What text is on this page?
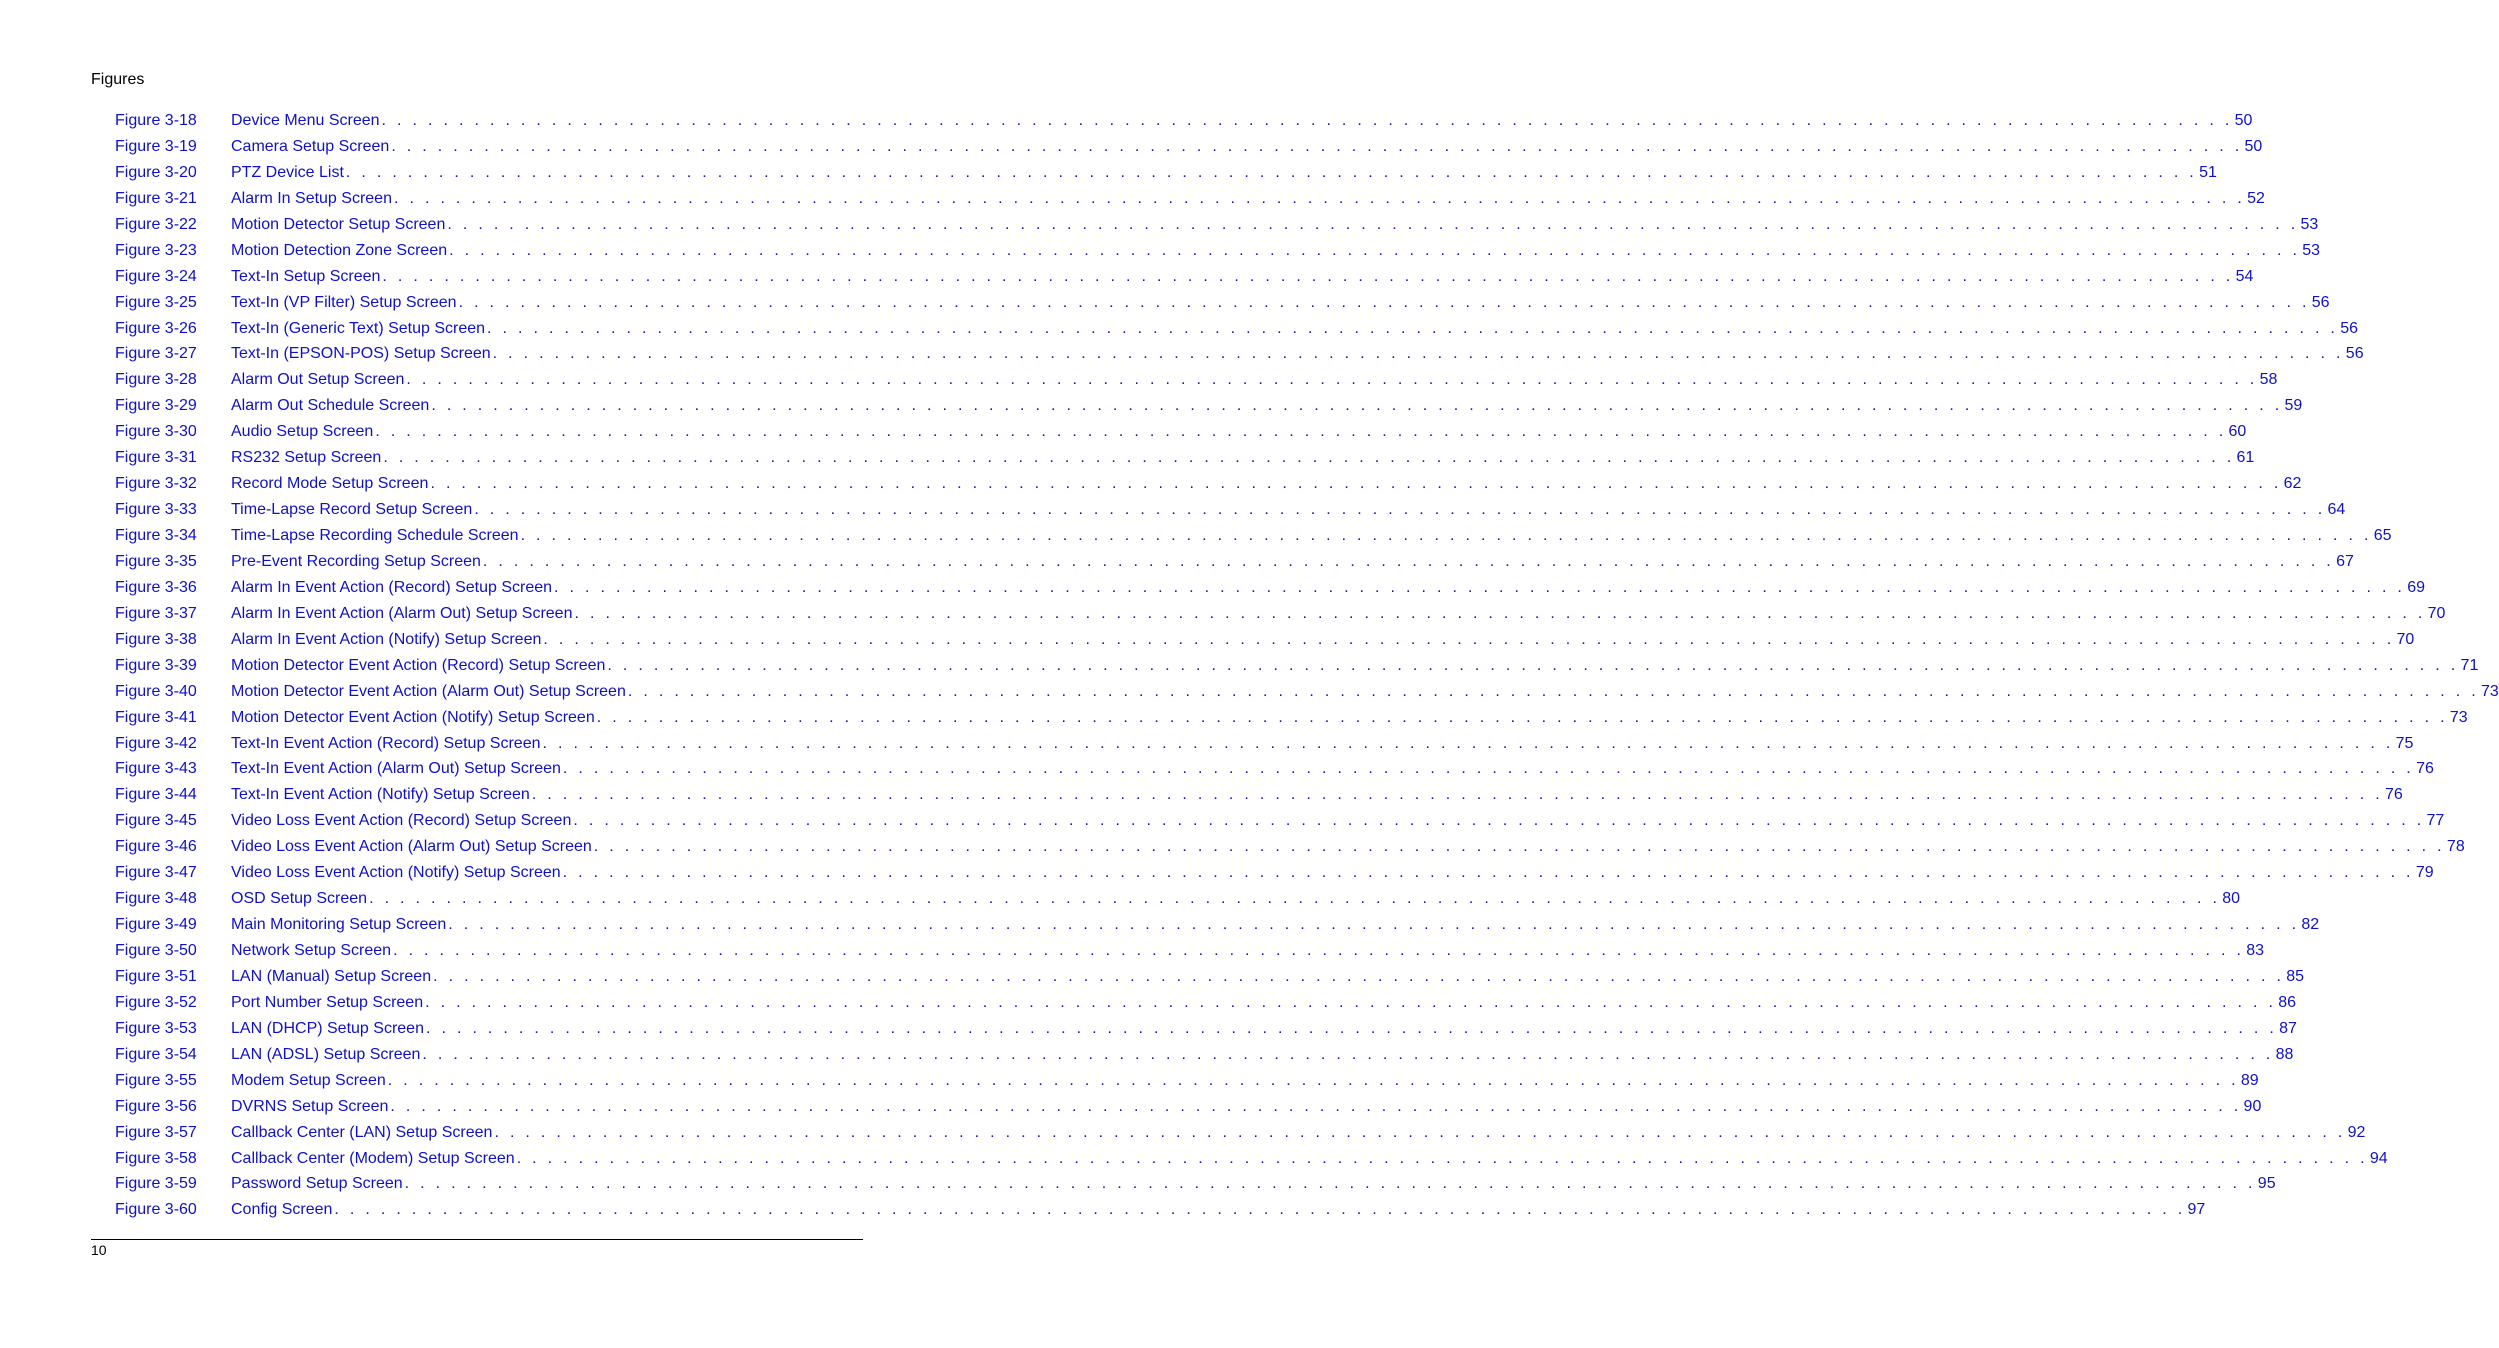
Figures
Figure 3-18	Device Menu Screen . . . . . . . . . . . . . . . . . . . . . . . . . . . . . . . . . . . . . . . . . . . . . . . . . . . . . . . . . . . . . . . . . . . . . . . . . . . . . . . . . . . . . . . . . . . . . . . . . . . . . . . . . . . . . . . . . . . . . . . . 50
Figure 3-19	Camera Setup Screen . . . . . . . . . . . . . . . . . . . . . . . . . . . . . . . . . . . . . . . . . . . . . . . . . . . . . . . . . . . . . . . . . . . . . . . . . . . . . . . . . . . . . . . . . . . . . . . . . . . . . . . . . . . . . . . . . . . . . . . . 50
Figure 3-20	PTZ Device List . . . . . . . . . . . . . . . . . . . . . . . . . . . . . . . . . . . . . . . . . . . . . . . . . . . . . . . . . . . . . . . . . . . . . . . . . . . . . . . . . . . . . . . . . . . . . . . . . . . . . . . . . . . . . . . . . . . . . . . . 51
Figure 3-21	Alarm In Setup Screen . . . . . . . . . . . . . . . . . . . . . . . . . . . . . . . . . . . . . . . . . . . . . . . . . . . . . . . . . . . . . . . . . . . . . . . . . . . . . . . . . . . . . . . . . . . . . . . . . . . . . . . . . . . . . . . . . . . . . . . . 52
Figure 3-22	Motion Detector Setup Screen . . . . . . . . . . . . . . . . . . . . . . . . . . . . . . . . . . . . . . . . . . . . . . . . . . . . . . . . . . . . . . . . . . . . . . . . . . . . . . . . . . . . . . . . . . . . . . . . . . . . . . . . . . . . . . . . . . . . . . . . 53
Figure 3-23	Motion Detection Zone Screen . . . . . . . . . . . . . . . . . . . . . . . . . . . . . . . . . . . . . . . . . . . . . . . . . . . . . . . . . . . . . . . . . . . . . . . . . . . . . . . . . . . . . . . . . . . . . . . . . . . . . . . . . . . . . . . . . . . . . . . . 53
Figure 3-24	Text-In Setup Screen . . . . . . . . . . . . . . . . . . . . . . . . . . . . . . . . . . . . . . . . . . . . . . . . . . . . . . . . . . . . . . . . . . . . . . . . . . . . . . . . . . . . . . . . . . . . . . . . . . . . . . . . . . . . . . . . . . . . . . . . 54
Figure 3-25	Text-In (VP Filter) Setup Screen . . . . . . . . . . . . . . . . . . . . . . . . . . . . . . . . . . . . . . . . . . . . . . . . . . . . . . . . . . . . . . . . . . . . . . . . . . . . . . . . . . . . . . . . . . . . . . . . . . . . . . . . . . . . . . . . . . . . . . . . 56
Figure 3-26	Text-In (Generic Text) Setup Screen . . . . . . . . . . . . . . . . . . . . . . . . . . . . . . . . . . . . . . . . . . . . . . . . . . . . . . . . . . . . . . . . . . . . . . . . . . . . . . . . . . . . . . . . . . . . . . . . . . . . . . . . . . . . . . . . . . . . . . . . 56
Figure 3-27	Text-In (EPSON-POS) Setup Screen . . . . . . . . . . . . . . . . . . . . . . . . . . . . . . . . . . . . . . . . . . . . . . . . . . . . . . . . . . . . . . . . . . . . . . . . . . . . . . . . . . . . . . . . . . . . . . . . . . . . . . . . . . . . . . . . . . . . . . . . 56
Figure 3-28	Alarm Out Setup Screen . . . . . . . . . . . . . . . . . . . . . . . . . . . . . . . . . . . . . . . . . . . . . . . . . . . . . . . . . . . . . . . . . . . . . . . . . . . . . . . . . . . . . . . . . . . . . . . . . . . . . . . . . . . . . . . . . . . . . . . . 58
Figure 3-29	Alarm Out Schedule Screen . . . . . . . . . . . . . . . . . . . . . . . . . . . . . . . . . . . . . . . . . . . . . . . . . . . . . . . . . . . . . . . . . . . . . . . . . . . . . . . . . . . . . . . . . . . . . . . . . . . . . . . . . . . . . . . . . . . . . . . . 59
Figure 3-30	Audio Setup Screen . . . . . . . . . . . . . . . . . . . . . . . . . . . . . . . . . . . . . . . . . . . . . . . . . . . . . . . . . . . . . . . . . . . . . . . . . . . . . . . . . . . . . . . . . . . . . . . . . . . . . . . . . . . . . . . . . . . . . . . . 60
Figure 3-31	RS232 Setup Screen . . . . . . . . . . . . . . . . . . . . . . . . . . . . . . . . . . . . . . . . . . . . . . . . . . . . . . . . . . . . . . . . . . . . . . . . . . . . . . . . . . . . . . . . . . . . . . . . . . . . . . . . . . . . . . . . . . . . . . . . 61
Figure 3-32	Record Mode Setup Screen . . . . . . . . . . . . . . . . . . . . . . . . . . . . . . . . . . . . . . . . . . . . . . . . . . . . . . . . . . . . . . . . . . . . . . . . . . . . . . . . . . . . . . . . . . . . . . . . . . . . . . . . . . . . . . . . . . . . . . . . 62
Figure 3-33	Time-Lapse Record Setup Screen . . . . . . . . . . . . . . . . . . . . . . . . . . . . . . . . . . . . . . . . . . . . . . . . . . . . . . . . . . . . . . . . . . . . . . . . . . . . . . . . . . . . . . . . . . . . . . . . . . . . . . . . . . . . . . . . . . . . . . . . 64
Figure 3-34	Time-Lapse Recording Schedule Screen . . . . . . . . . . . . . . . . . . . . . . . . . . . . . . . . . . . . . . . . . . . . . . . . . . . . . . . . . . . . . . . . . . . . . . . . . . . . . . . . . . . . . . . . . . . . . . . . . . . . . . . . . . . . . . . . . . . . . . . . 65
Figure 3-35	Pre-Event Recording Setup Screen . . . . . . . . . . . . . . . . . . . . . . . . . . . . . . . . . . . . . . . . . . . . . . . . . . . . . . . . . . . . . . . . . . . . . . . . . . . . . . . . . . . . . . . . . . . . . . . . . . . . . . . . . . . . . . . . . . . . . . . . 67
Figure 3-36	Alarm In Event Action (Record) Setup Screen . . . . . . . . . . . . . . . . . . . . . . . . . . . . . . . . . . . . . . . . . . . . . . . . . . . . . . . . . . . . . . . . . . . . . . . . . . . . . . . . . . . . . . . . . . . . . . . . . . . . . . . . . . . . . . . . . . . . . . . . 69
Figure 3-37	Alarm In Event Action (Alarm Out) Setup Screen . . . . . . . . . . . . . . . . . . . . . . . . . . . . . . . . . . . . . . . . . . . . . . . . . . . . . . . . . . . . . . . . . . . . . . . . . . . . . . . . . . . . . . . . . . . . . . . . . . . . . . . . . . . . . . . . . . . . . . . . 70
Figure 3-38	Alarm In Event Action (Notify) Setup Screen . . . . . . . . . . . . . . . . . . . . . . . . . . . . . . . . . . . . . . . . . . . . . . . . . . . . . . . . . . . . . . . . . . . . . . . . . . . . . . . . . . . . . . . . . . . . . . . . . . . . . . . . . . . . . . . . . . . . . . . . 70
Figure 3-39	Motion Detector Event Action (Record) Setup Screen . . . . . . . . . . . . . . . . . . . . . . . . . . . . . . . . . . . . . . . . . . . . . . . . . . . . . . . . . . . . . . . . . . . . . . . . . . . . . . . . . . . . . . . . . . . . . . . . . . . . . . . . . . . . . . . . . . . . . . . . 71
Figure 3-40	Motion Detector Event Action (Alarm Out) Setup Screen . . . . . . . . . . . . . . . . . . . . . . . . . . . . . . . . . . . . . . . . . . . . . . . . . . . . . . . . . . . . . . . . . . . . . . . . . . . . . . . . . . . . . . . . . . . . . . . . . . . . . . . . . . . . . . . . . . . . . . . . 73
Figure 3-41	Motion Detector Event Action (Notify) Setup Screen . . . . . . . . . . . . . . . . . . . . . . . . . . . . . . . . . . . . . . . . . . . . . . . . . . . . . . . . . . . . . . . . . . . . . . . . . . . . . . . . . . . . . . . . . . . . . . . . . . . . . . . . . . . . . . . . . . . . . . . . 73
Figure 3-42	Text-In Event Action (Record) Setup Screen . . . . . . . . . . . . . . . . . . . . . . . . . . . . . . . . . . . . . . . . . . . . . . . . . . . . . . . . . . . . . . . . . . . . . . . . . . . . . . . . . . . . . . . . . . . . . . . . . . . . . . . . . . . . . . . . . . . . . . . . 75
Figure 3-43	Text-In Event Action (Alarm Out) Setup Screen . . . . . . . . . . . . . . . . . . . . . . . . . . . . . . . . . . . . . . . . . . . . . . . . . . . . . . . . . . . . . . . . . . . . . . . . . . . . . . . . . . . . . . . . . . . . . . . . . . . . . . . . . . . . . . . . . . . . . . . . 76
Figure 3-44	Text-In Event Action (Notify) Setup Screen . . . . . . . . . . . . . . . . . . . . . . . . . . . . . . . . . . . . . . . . . . . . . . . . . . . . . . . . . . . . . . . . . . . . . . . . . . . . . . . . . . . . . . . . . . . . . . . . . . . . . . . . . . . . . . . . . . . . . . . . 76
Figure 3-45	Video Loss Event Action (Record) Setup Screen . . . . . . . . . . . . . . . . . . . . . . . . . . . . . . . . . . . . . . . . . . . . . . . . . . . . . . . . . . . . . . . . . . . . . . . . . . . . . . . . . . . . . . . . . . . . . . . . . . . . . . . . . . . . . . . . . . . . . . . . 77
Figure 3-46	Video Loss Event Action (Alarm Out) Setup Screen . . . . . . . . . . . . . . . . . . . . . . . . . . . . . . . . . . . . . . . . . . . . . . . . . . . . . . . . . . . . . . . . . . . . . . . . . . . . . . . . . . . . . . . . . . . . . . . . . . . . . . . . . . . . . . . . . . . . . . . . 78
Figure 3-47	Video Loss Event Action (Notify) Setup Screen . . . . . . . . . . . . . . . . . . . . . . . . . . . . . . . . . . . . . . . . . . . . . . . . . . . . . . . . . . . . . . . . . . . . . . . . . . . . . . . . . . . . . . . . . . . . . . . . . . . . . . . . . . . . . . . . . . . . . . . . 79
Figure 3-48	OSD Setup Screen . . . . . . . . . . . . . . . . . . . . . . . . . . . . . . . . . . . . . . . . . . . . . . . . . . . . . . . . . . . . . . . . . . . . . . . . . . . . . . . . . . . . . . . . . . . . . . . . . . . . . . . . . . . . . . . . . . . . . . . . 80
Figure 3-49	Main Monitoring Setup Screen . . . . . . . . . . . . . . . . . . . . . . . . . . . . . . . . . . . . . . . . . . . . . . . . . . . . . . . . . . . . . . . . . . . . . . . . . . . . . . . . . . . . . . . . . . . . . . . . . . . . . . . . . . . . . . . . . . . . . . . . 82
Figure 3-50	Network Setup Screen . . . . . . . . . . . . . . . . . . . . . . . . . . . . . . . . . . . . . . . . . . . . . . . . . . . . . . . . . . . . . . . . . . . . . . . . . . . . . . . . . . . . . . . . . . . . . . . . . . . . . . . . . . . . . . . . . . . . . . . . 83
Figure 3-51	LAN (Manual) Setup Screen . . . . . . . . . . . . . . . . . . . . . . . . . . . . . . . . . . . . . . . . . . . . . . . . . . . . . . . . . . . . . . . . . . . . . . . . . . . . . . . . . . . . . . . . . . . . . . . . . . . . . . . . . . . . . . . . . . . . . . . . 85
Figure 3-52	Port Number Setup Screen . . . . . . . . . . . . . . . . . . . . . . . . . . . . . . . . . . . . . . . . . . . . . . . . . . . . . . . . . . . . . . . . . . . . . . . . . . . . . . . . . . . . . . . . . . . . . . . . . . . . . . . . . . . . . . . . . . . . . . . . 86
Figure 3-53	LAN (DHCP) Setup Screen . . . . . . . . . . . . . . . . . . . . . . . . . . . . . . . . . . . . . . . . . . . . . . . . . . . . . . . . . . . . . . . . . . . . . . . . . . . . . . . . . . . . . . . . . . . . . . . . . . . . . . . . . . . . . . . . . . . . . . . . 87
Figure 3-54	LAN (ADSL) Setup Screen . . . . . . . . . . . . . . . . . . . . . . . . . . . . . . . . . . . . . . . . . . . . . . . . . . . . . . . . . . . . . . . . . . . . . . . . . . . . . . . . . . . . . . . . . . . . . . . . . . . . . . . . . . . . . . . . . . . . . . . . 88
Figure 3-55	Modem Setup Screen . . . . . . . . . . . . . . . . . . . . . . . . . . . . . . . . . . . . . . . . . . . . . . . . . . . . . . . . . . . . . . . . . . . . . . . . . . . . . . . . . . . . . . . . . . . . . . . . . . . . . . . . . . . . . . . . . . . . . . . . 89
Figure 3-56	DVRNS Setup Screen . . . . . . . . . . . . . . . . . . . . . . . . . . . . . . . . . . . . . . . . . . . . . . . . . . . . . . . . . . . . . . . . . . . . . . . . . . . . . . . . . . . . . . . . . . . . . . . . . . . . . . . . . . . . . . . . . . . . . . . . 90
Figure 3-57	Callback Center (LAN) Setup Screen . . . . . . . . . . . . . . . . . . . . . . . . . . . . . . . . . . . . . . . . . . . . . . . . . . . . . . . . . . . . . . . . . . . . . . . . . . . . . . . . . . . . . . . . . . . . . . . . . . . . . . . . . . . . . . . . . . . . . . . . 92
Figure 3-58	Callback Center (Modem) Setup Screen . . . . . . . . . . . . . . . . . . . . . . . . . . . . . . . . . . . . . . . . . . . . . . . . . . . . . . . . . . . . . . . . . . . . . . . . . . . . . . . . . . . . . . . . . . . . . . . . . . . . . . . . . . . . . . . . . . . . . . . . 94
Figure 3-59	Password Setup Screen . . . . . . . . . . . . . . . . . . . . . . . . . . . . . . . . . . . . . . . . . . . . . . . . . . . . . . . . . . . . . . . . . . . . . . . . . . . . . . . . . . . . . . . . . . . . . . . . . . . . . . . . . . . . . . . . . . . . . . . . 95
Figure 3-60	Config Screen . . . . . . . . . . . . . . . . . . . . . . . . . . . . . . . . . . . . . . . . . . . . . . . . . . . . . . . . . . . . . . . . . . . . . . . . . . . . . . . . . . . . . . . . . . . . . . . . . . . . . . . . . . . . . . . . . . . . . . . . 97
10
